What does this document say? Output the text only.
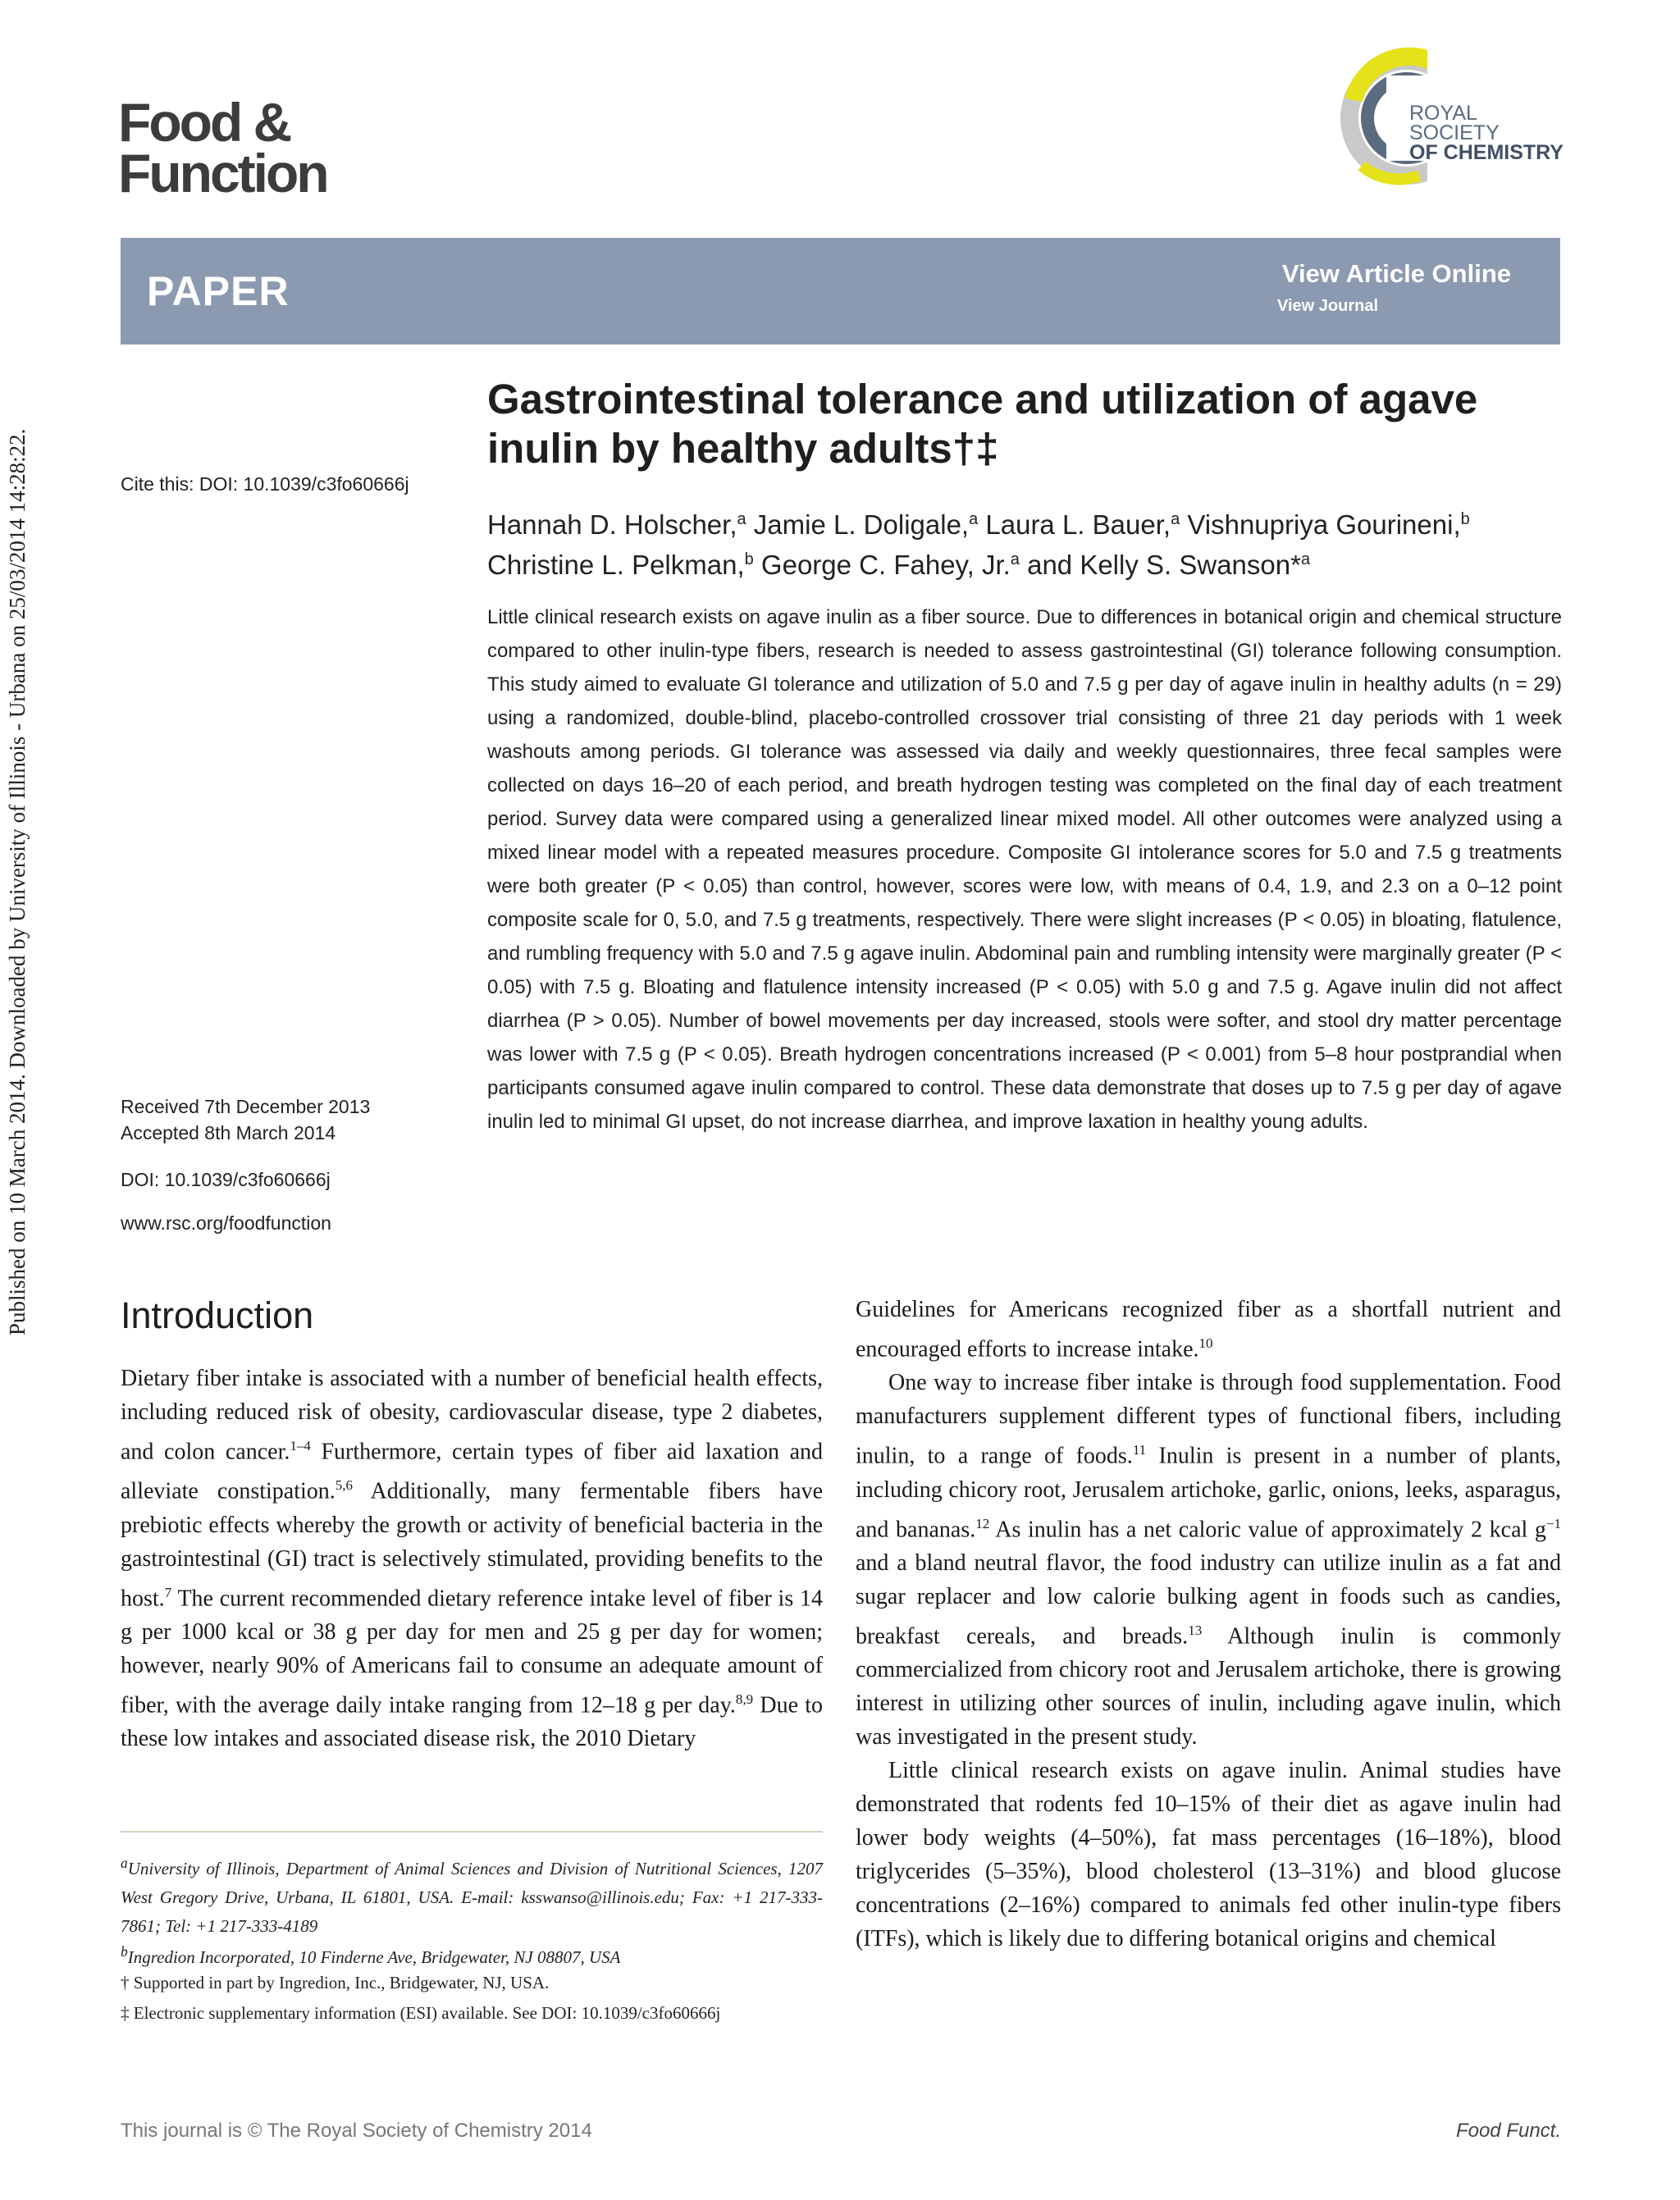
Food &
Function
ROYAL SOCIETY
OF CHEMISTRY
PAPER	View Article Online
View Journal
Published on 10 March 2014. Downloaded by University of Illinois - Urbana on 25/03/2014 14:28:22.	Cite this: DOI: 10.1039/c3fo60666j
Gastrointestinal tolerance and utilization of agave inulin by healthy adults†‡
Hannah D. Holscher,$^a$ Jamie L. Doligale,$^a$ Laura L. Bauer,$^a$ Vishnupriya Gourineni,$^b$
Christine L. Pelkman,$^b$ George C. Fahey, Jr.$^a$ and Kelly S. Swanson*$^a$
Little clinical research exists on agave inulin as a fiber source. Due to differences in botanical origin and chemical structure compared to other inulin-type fibers, research is needed to assess gastrointestinal (GI) tolerance following consumption. This study aimed to evaluate GI tolerance and utilization of 5.0 and 7.5 g per day of agave inulin in healthy adults (n = 29) using a randomized, double-blind, placebo-controlled crossover trial consisting of three 21 day periods with 1 week washouts among periods. GI tolerance was assessed via daily and weekly questionnaires, three fecal samples were collected on days 16–20 of each period, and breath hydrogen testing was completed on the final day of each treatment period. Survey data were compared using a generalized linear mixed model. All other outcomes were analyzed using a mixed linear model with a repeated measures procedure. Composite GI intolerance scores for 5.0 and 7.5 g treatments were both greater (P < 0.05) than control, however, scores were low, with means of 0.4, 1.9, and 2.3 on a 0–12 point composite scale for 0, 5.0, and 7.5 g treatments, respectively. There were slight increases (P < 0.05) in bloating, flatulence, and rumbling frequency with 5.0 and 7.5 g agave inulin. Abdominal pain and rumbling intensity were marginally greater (P < 0.05) with 7.5 g. Bloating and flatulence intensity increased (P < 0.05) with 5.0 g and 7.5 g. Agave inulin did not affect diarrhea (P > 0.05). Number of bowel movements per day increased, stools were softer, and stool dry matter percentage was lower with 7.5 g (P < 0.05). Breath hydrogen concentrations increased (P < 0.001) from 5–8 hour postprandial when participants consumed agave inulin compared to control. These data demonstrate that doses up to 7.5 g per day of agave inulin led to minimal GI upset, do not increase diarrhea, and improve laxation in healthy young adults.
Received 7th December 2013
Accepted 8th March 2014
DOI: 10.1039/c3fo60666j
www.rsc.org/foodfunction
Introduction

Dietary fiber intake is associated with a number of beneficial health effects, including reduced risk of obesity, cardiovascular disease, type 2 diabetes, and colon cancer.$^{1-4}$ Furthermore, certain types of fiber aid laxation and alleviate constipation.$^{5,6}$ Additionally, many fermentable fibers have prebiotic effects whereby the growth or activity of beneficial bacteria in the gastrointestinal (GI) tract is selectively stimulated, providing benefits to the host.$^7$ The current recommended dietary reference intake level of fiber is 14 g per 1000 kcal or 38 g per day for men and 25 g per day for women; however, nearly 90% of Americans fail to consume an adequate amount of fiber, with the average daily intake ranging from 12–18 g per day.$^{8,9}$ Due to these low intakes and associated disease risk, the 2010 Dietary

$^a$University of Illinois, Department of Animal Sciences and Division of Nutritional Sciences, 1207 West Gregory Drive, Urbana, IL 61801, USA. E-mail: ksswanso@illinois.edu; Fax: +1 217-333-7861; Tel: +1 217-333-4189
$^b$Ingredion Incorporated, 10 Finderne Ave, Bridgewater, NJ 08807, USA
† Supported in part by Ingredion, Inc., Bridgewater, NJ, USA.
‡ Electronic supplementary information (ESI) available. See DOI: 10.1039/c3fo60666j

Guidelines for Americans recognized fiber as a shortfall nutrient and encouraged efforts to increase intake.$^{10}$

One way to increase fiber intake is through food supplementation. Food manufacturers supplement different types of functional fibers, including inulin, to a range of foods.$^{11}$ Inulin is present in a number of plants, including chicory root, Jerusalem artichoke, garlic, onions, leeks, asparagus, and bananas.$^{12}$ As inulin has a net caloric value of approximately 2 kcal $g^{-1}$ and a bland neutral flavor, the food industry can utilize inulin as a fat and sugar replacer and low calorie bulking agent in foods such as candies, breakfast cereals, and breads.$^{13}$ Although inulin is commonly commercialized from chicory root and Jerusalem artichoke, there is growing interest in utilizing other sources of inulin, including agave inulin, which was investigated in the present study.

Little clinical research exists on agave inulin. Animal studies have demonstrated that rodents fed 10–15% of their diet as agave inulin had lower body weights (4–50%), fat mass percentages (16–18%), blood triglycerides (5–35%), blood cholesterol (13–31%) and blood glucose concentrations (2–16%) compared to animals fed other inulin-type fibers (ITFs), which is likely due to differing botanical origins and chemical

This journal is © The Royal Society of Chemistry 2014	Food Funct.
